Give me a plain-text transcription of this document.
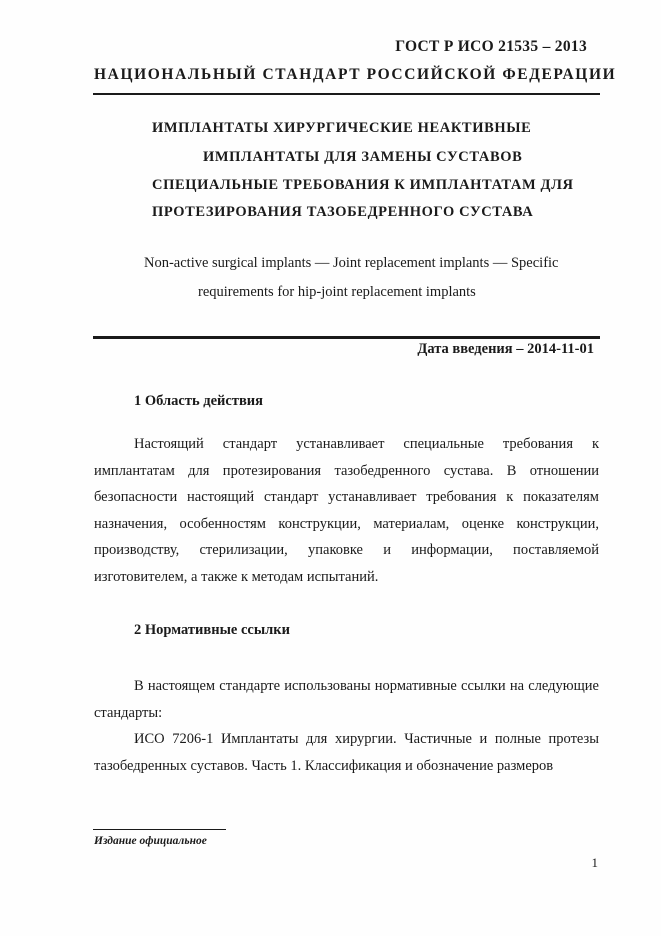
ГОСТ Р ИСО 21535 – 2013
НАЦИОНАЛЬНЫЙ СТАНДАРТ РОССИЙСКОЙ ФЕДЕРАЦИИ
ИМПЛАНТАТЫ ХИРУРГИЧЕСКИЕ НЕАКТИВНЫЕ
ИМПЛАНТАТЫ ДЛЯ ЗАМЕНЫ СУСТАВОВ
СПЕЦИАЛЬНЫЕ ТРЕБОВАНИЯ К ИМПЛАНТАТАМ ДЛЯ
ПРОТЕЗИРОВАНИЯ ТАЗОБЕДРЕННОГО СУСТАВА
Non-active surgical implants — Joint replacement implants — Specific
requirements for hip-joint replacement implants
Дата введения – 2014-11-01
1 Область действия
Настоящий стандарт устанавливает специальные требования к имплантатам для протезирования тазобедренного сустава. В отношении безопасности настоящий стандарт устанавливает требования к показателям назначения, особенностям конструкции, материалам, оценке конструкции, производству, стерилизации, упаковке и информации, поставляемой изготовителем, а также к методам испытаний.
2 Нормативные ссылки
В настоящем стандарте использованы нормативные ссылки на следующие стандарты:
ИСО 7206-1 Имплантаты для хирургии. Частичные и полные протезы тазобедренных суставов. Часть 1. Классификация и обозначение размеров
Издание официальное
1
